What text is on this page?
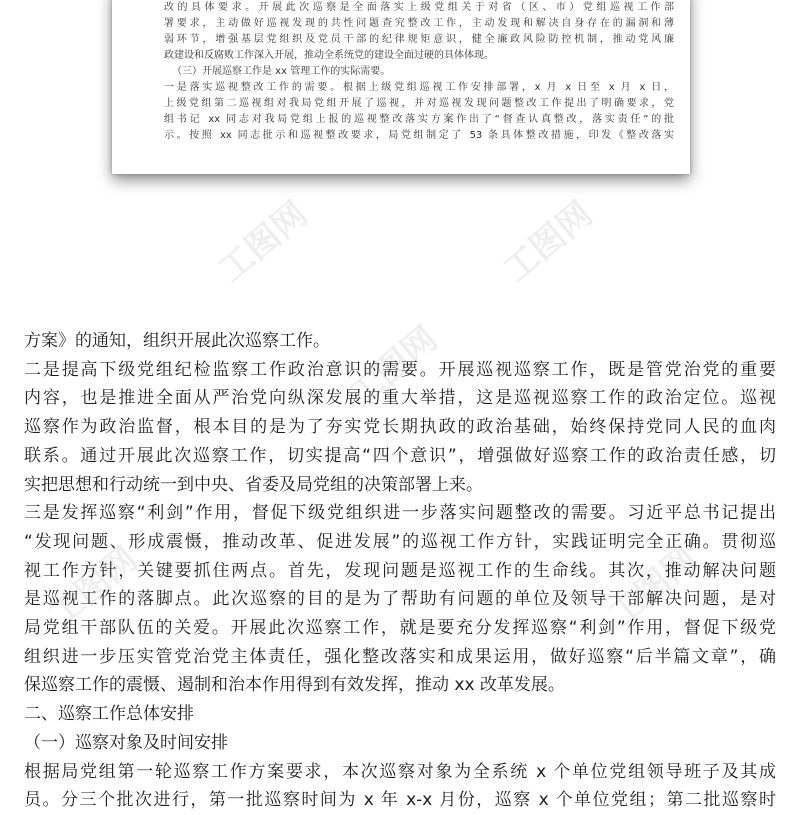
改的具体要求。开展此次巡察是全面落实上级党组关于对省（区、市）党组巡视工作部
署要求，主动做好巡视发现的共性问题查究整改工作，主动发现和解决自身存在的漏洞和薄
弱环节，增强基层党组织及党员干部的纪律规矩意识，健全廉政风险防控机制，推动党风廉
政建设和反腐败工作深入开展，推动全系统党的建设全面过硬的具体体现。
（三）开展巡察工作是 xx 管理工作的实际需要。
一是落实巡视整改工作的需要。根据上级党组巡视工作安排部署，x 月 x 日至 x 月 x 日，
上级党组第二巡视组对我局党组开展了巡视，并对巡视发现问题整改工作提出了明确要求，党
组书记 xx 同志对我局党组上报的巡视整改落实方案作出了“督查认真整改，落实责任”的批
示。按照 xx 同志批示和巡视整改要求，局党组制定了 53 条具体整改措施，印发《整改落实
工图网	工图网
工图网
工图网	工图网
方案》的通知，组织开展此次巡察工作。
二是提高下级党组纪检监察工作政治意识的需要。开展巡视巡察工作，既是管党治党的重要
内容，也是推进全面从严治党向纵深发展的重大举措，这是巡视巡察工作的政治定位。巡视
巡察作为政治监督，根本目的是为了夯实党长期执政的政治基础，始终保持党同人民的血肉
联系。通过开展此次巡察工作，切实提高“四个意识”，增强做好巡察工作的政治责任感，切
实把思想和行动统一到中央、省委及局党组的决策部署上来。
三是发挥巡察“利剑”作用，督促下级党组织进一步落实问题整改的需要。习近平总书记提出
“发现问题、形成震慑，推动改革、促进发展”的巡视工作方针，实践证明完全正确。贯彻巡
视工作方针，关键要抓住两点。首先，发现问题是巡视工作的生命线。其次，推动解决问题
是巡视工作的落脚点。此次巡察的目的是为了帮助有问题的单位及领导干部解决问题，是对
局党组干部队伍的关爱。开展此次巡察工作，就是要充分发挥巡察“利剑”作用，督促下级党
组织进一步压实管党治党主体责任，强化整改落实和成果运用，做好巡察“后半篇文章”，确
保巡察工作的震慑、遏制和治本作用得到有效发挥，推动 xx 改革发展。
二、巡察工作总体安排
（一）巡察对象及时间安排
根据局党组第一轮巡察工作方案要求，本次巡察对象为全系统 x 个单位党组领导班子及其成
员。分三个批次进行，第一批巡察时间为 x 年 x-x 月份，巡察 x 个单位党组；第二批巡察时
